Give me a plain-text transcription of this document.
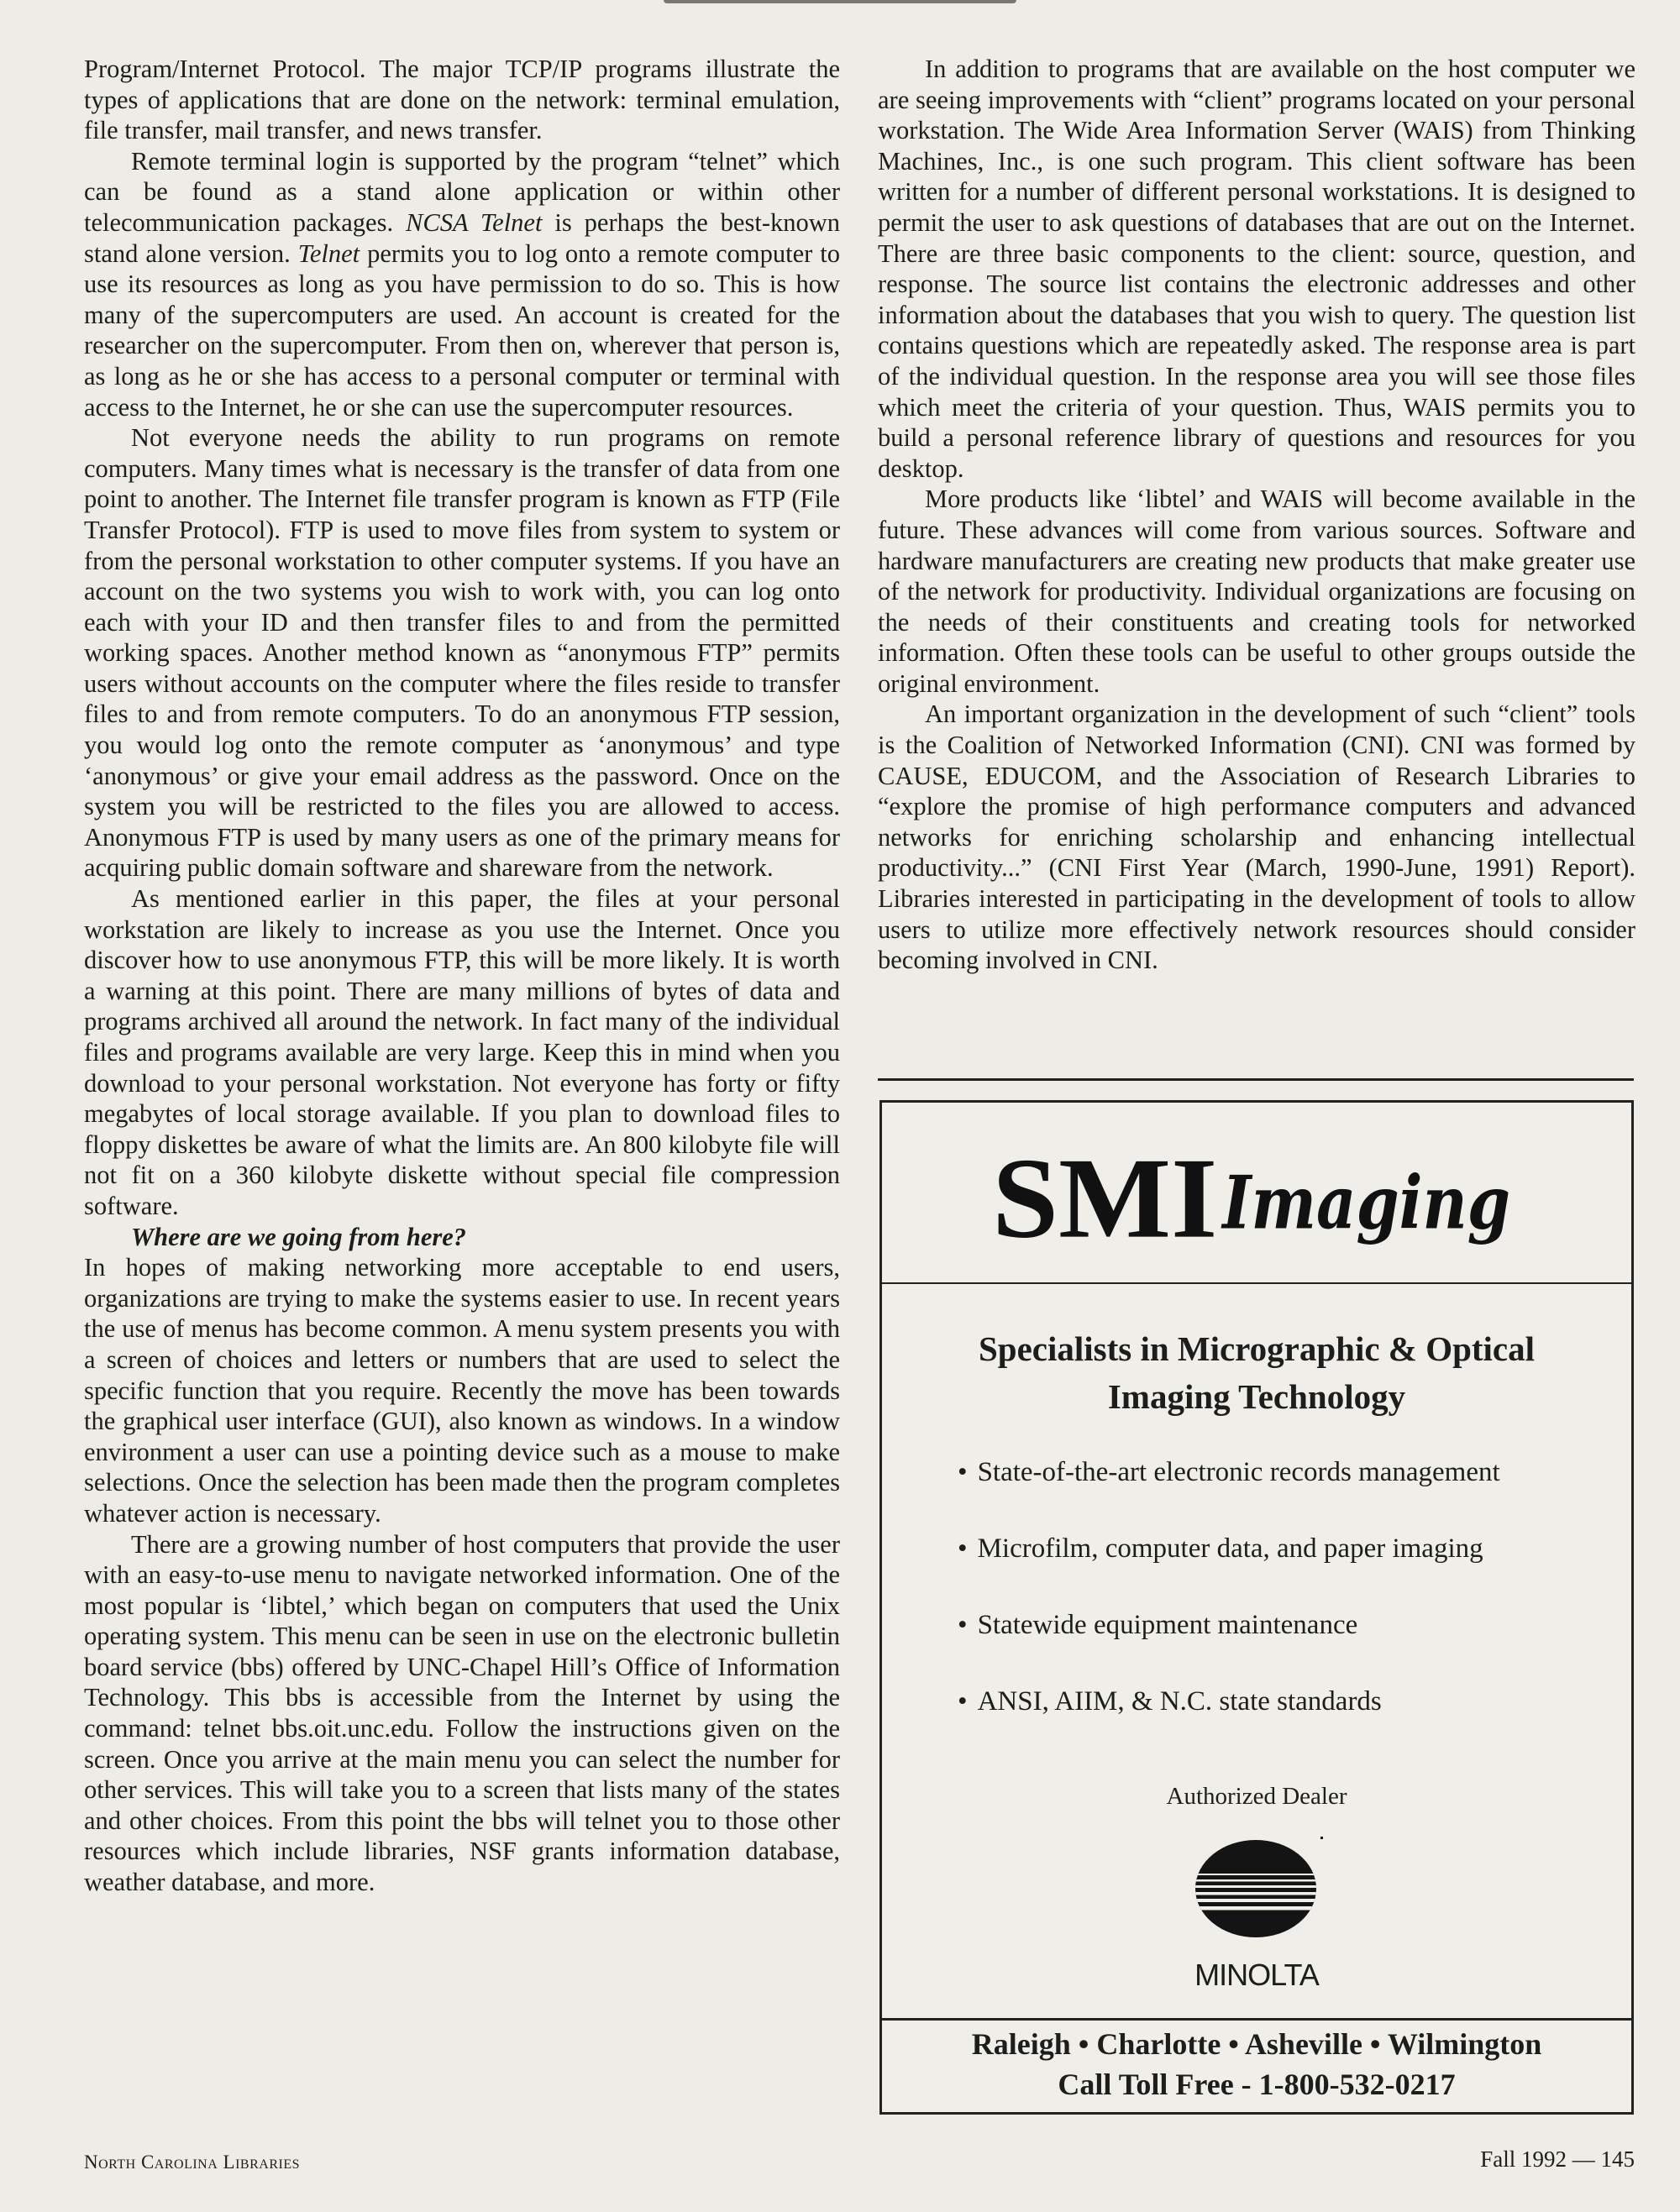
Program/Internet Protocol. The major TCP/IP programs illustrate the types of applications that are done on the network: terminal emulation, file transfer, mail transfer, and news transfer.

Remote terminal login is supported by the program “telnet” which can be found as a stand alone application or within other telecommunication packages. NCSA Telnet is perhaps the best-known stand alone version. Telnet permits you to log onto a remote computer to use its resources as long as you have permission to do so. This is how many of the supercomputers are used. An account is created for the researcher on the supercomputer. From then on, wherever that person is, as long as he or she has access to a personal computer or terminal with access to the Internet, he or she can use the supercomputer resources.

Not everyone needs the ability to run programs on remote computers. Many times what is necessary is the transfer of data from one point to another. The Internet file transfer program is known as FTP (File Transfer Protocol). FTP is used to move files from system to system or from the personal workstation to other computer systems. If you have an account on the two systems you wish to work with, you can log onto each with your ID and then transfer files to and from the permitted working spaces. Another method known as “anonymous FTP” permits users without accounts on the computer where the files reside to transfer files to and from remote computers. To do an anonymous FTP session, you would log onto the remote computer as ‘anonymous’ and type ‘anonymous’ or give your email address as the password. Once on the system you will be restricted to the files you are allowed to access. Anonymous FTP is used by many users as one of the primary means for acquiring public domain software and shareware from the network.

As mentioned earlier in this paper, the files at your personal workstation are likely to increase as you use the Internet. Once you discover how to use anonymous FTP, this will be more likely. It is worth a warning at this point. There are many millions of bytes of data and programs archived all around the network. In fact many of the individual files and programs available are very large. Keep this in mind when you download to your personal workstation. Not everyone has forty or fifty megabytes of local storage available. If you plan to download files to floppy diskettes be aware of what the limits are. An 800 kilobyte file will not fit on a 360 kilobyte diskette without special file compression software.

Where are we going from here?

In hopes of making networking more acceptable to end users, organizations are trying to make the systems easier to use. In recent years the use of menus has become common. A menu system presents you with a screen of choices and letters or numbers that are used to select the specific function that you require. Recently the move has been towards the graphical user interface (GUI), also known as windows. In a window environment a user can use a pointing device such as a mouse to make selections. Once the selection has been made then the program completes whatever action is necessary.

There are a growing number of host computers that provide the user with an easy-to-use menu to navigate networked information. One of the most popular is ‘libtel,’ which began on computers that used the Unix operating system. This menu can be seen in use on the electronic bulletin board service (bbs) offered by UNC-Chapel Hill’s Office of Information Technology. This bbs is accessible from the Internet by using the command: telnet bbs.oit.unc.edu. Follow the instructions given on the screen. Once you arrive at the main menu you can select the number for other services. This will take you to a screen that lists many of the states and other choices. From this point the bbs will telnet you to those other resources which include libraries, NSF grants information database, weather database, and more.

In addition to programs that are available on the host computer we are seeing improvements with “client” programs located on your personal workstation. The Wide Area Information Server (WAIS) from Thinking Machines, Inc., is one such program. This client software has been written for a number of different personal workstations. It is designed to permit the user to ask questions of databases that are out on the Internet. There are three basic components to the client: source, question, and response. The source list contains the electronic addresses and other information about the databases that you wish to query. The question list contains questions which are repeatedly asked. The response area is part of the individual question. In the response area you will see those files which meet the criteria of your question. Thus, WAIS permits you to build a personal reference library of questions and resources for you desktop.

More products like ‘libtel’ and WAIS will become available in the future. These advances will come from various sources. Software and hardware manufacturers are creating new products that make greater use of the network for productivity. Individual organizations are focusing on the needs of their constituents and creating tools for networked information. Often these tools can be useful to other groups outside the original environment.

An important organization in the development of such “client” tools is the Coalition of Networked Information (CNI). CNI was formed by CAUSE, EDUCOM, and the Association of Research Libraries to “explore the promise of high performance computers and advanced networks for enriching scholarship and enhancing intellectual productivity...” (CNI First Year (March, 1990-June, 1991) Report). Libraries interested in participating in the development of tools to allow users to utilize more effectively network resources should consider becoming involved in CNI.

SMI Imaging
Specialists in Micrographic & Optical
Imaging Technology
• State-of-the-art electronic records management
• Microfilm, computer data, and paper imaging
• Statewide equipment maintenance
• ANSI, AIIM, & N.C. state standards
Authorized Dealer
MINOLTA
Raleigh • Charlotte • Asheville • Wilmington
Call Toll Free - 1-800-532-0217
North Carolina Libraries	Fall 1992 — 145
